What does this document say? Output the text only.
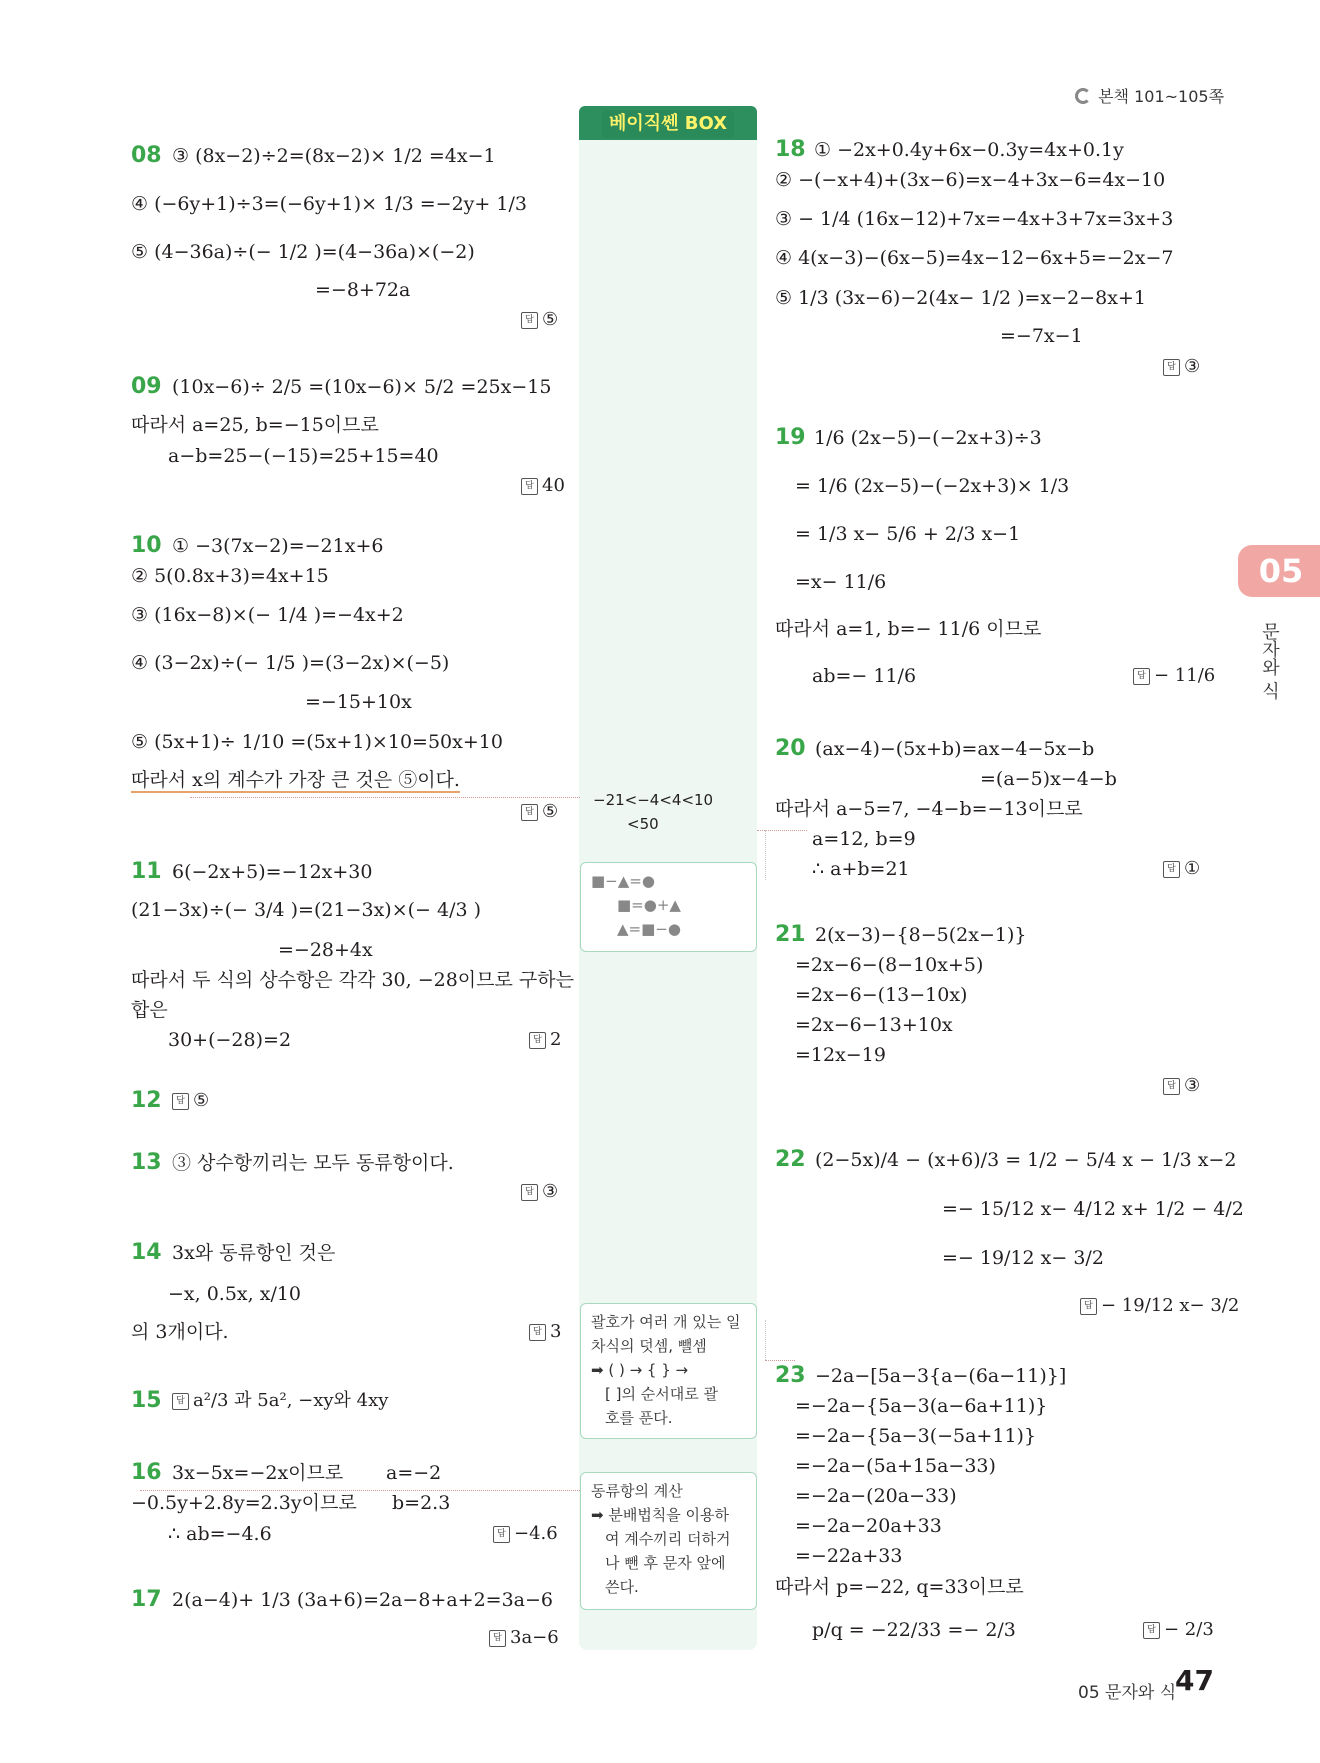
본책 101~105쪽
베이직쎈 BOX
−21<−4<4<10
<50
■−▲=●
■=●+▲
▲=■−●
괄호가 여러 개 있는 일
차식의 덧셈, 뺄셈
➡ ( ) → { } →
[ ]의 순서대로 괄
호를 푼다.
동류항의 계산
➡ 분배법칙을 이용하
여 계수끼리 더하거
나 뺀 후 문자 앞에
쓴다.
05
문자와 식
08 ③ (8x−2)÷2=(8x−2)× 1/2 =4x−1
④ (−6y+1)÷3=(−6y+1)× 1/3 =−2y+ 1/3
⑤ (4−36a)÷(− 1/2 )=(4−36a)×(−2)
=−8+72a
답 ⑤
09 (10x−6)÷ 2/5 =(10x−6)× 5/2 =25x−15
따라서 a=25, b=−15이므로
a−b=25−(−15)=25+15=40
답 40
10 ① −3(7x−2)=−21x+6
② 5(0.8x+3)=4x+15
③ (16x−8)×(− 1/4 )=−4x+2
④ (3−2x)÷(− 1/5 )=(3−2x)×(−5)
=−15+10x
⑤ (5x+1)÷ 1/10 =(5x+1)×10=50x+10
따라서 x의 계수가 가장 큰 것은 ⑤이다.
답 ⑤
11 6(−2x+5)=−12x+30
(21−3x)÷(− 3/4 )=(21−3x)×(− 4/3 )
=−28+4x
따라서 두 식의 상수항은 각각 30, −28이므로 구하는
합은
30+(−28)=2	답 2
12	답 ⑤
13 ③ 상수항끼리는 모두 동류항이다.
답 ③
14 3x와 동류항인 것은
−x, 0.5x, x/10
의 3개이다.	답 3
15	답 a²/3 과 5a², −xy와 4xy
16 3x−5x=−2x이므로 a=−2
−0.5y+2.8y=2.3y이므로 b=2.3
∴ ab=−4.6	답 −4.6
17 2(a−4)+ 1/3 (3a+6)=2a−8+a+2=3a−6
답 3a−6
18 ① −2x+0.4y+6x−0.3y=4x+0.1y
② −(−x+4)+(3x−6)=x−4+3x−6=4x−10
③ − 1/4 (16x−12)+7x=−4x+3+7x=3x+3
④ 4(x−3)−(6x−5)=4x−12−6x+5=−2x−7
⑤ 1/3 (3x−6)−2(4x− 1/2 )=x−2−8x+1
=−7x−1
답 ③
19 1/6 (2x−5)−(−2x+3)÷3
= 1/6 (2x−5)−(−2x+3)× 1/3
= 1/3 x− 5/6 + 2/3 x−1
=x− 11/6
따라서 a=1, b=− 11/6 이므로
ab=− 11/6	답 − 11/6
20 (ax−4)−(5x+b)=ax−4−5x−b
=(a−5)x−4−b
따라서 a−5=7, −4−b=−13이므로
a=12, b=9
∴ a+b=21	답 ①
21 2(x−3)−{8−5(2x−1)}
=2x−6−(8−10x+5)
=2x−6−(13−10x)
=2x−6−13+10x
=12x−19
답 ③
22 (2−5x)/4 − (x+6)/3 = 1/2 − 5/4 x − 1/3 x−2
=− 15/12 x− 4/12 x+ 1/2 − 4/2
=− 19/12 x− 3/2
답 − 19/12 x− 3/2
23 −2a−[5a−3{a−(6a−11)}]
=−2a−{5a−3(a−6a+11)}
=−2a−{5a−3(−5a+11)}
=−2a−(5a+15a−33)
=−2a−(20a−33)
=−2a−20a+33
=−22a+33
따라서 p=−22, q=33이므로
p/q = −22/33 =− 2/3	답 − 2/3
05 문자와 식
47
